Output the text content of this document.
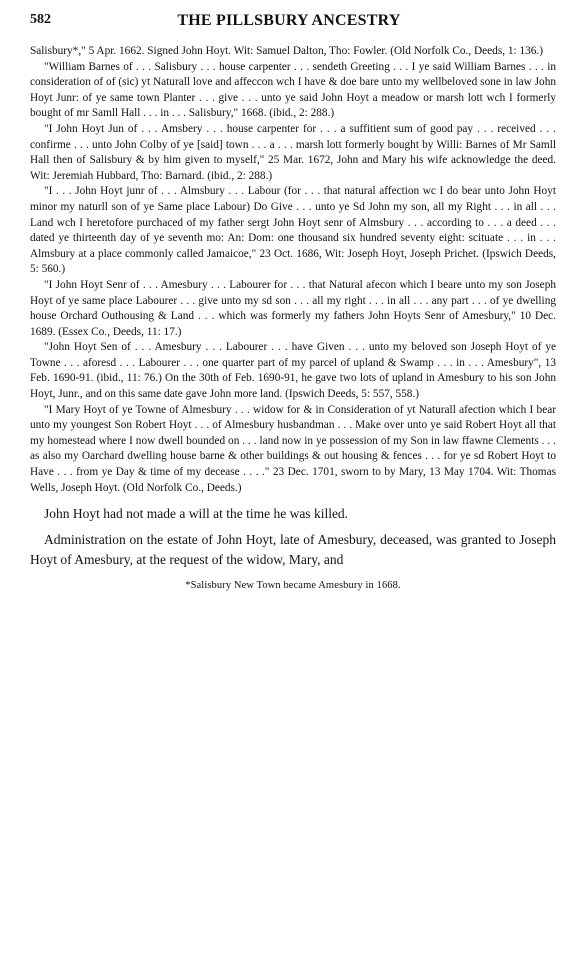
582	THE PILLSBURY ANCESTRY

Salisbury*," 5 Apr. 1662. Signed John Hoyt. Wit: Samuel Dalton, Tho: Fowler. (Old Norfolk Co., Deeds, 1: 136.)

"William Barnes of . . . Salisbury . . . house carpenter . . . sendeth Greeting . . . I ye said William Barnes . . . in consideration of of (sic) yt Naturall love and affeccon wch I have & doe bare unto my wellbeloved sone in law John Hoyt Junr: of ye same town Planter . . . give . . . unto ye said John Hoyt a meadow or marsh lott wch I formerly bought of mr Samll Hall . . . in . . . Salisbury," 1668. (ibid., 2: 288.)

"I John Hoyt Jun of . . . Amsbery . . . house carpenter for . . . a suffitient sum of good pay . . . received . . . confirme . . . unto John Colby of ye [said] town . . . a . . . marsh lott formerly bought by Willi: Barnes of Mr Samll Hall then of Salisbury & by him given to myself," 25 Mar. 1672, John and Mary his wife acknowledge the deed. Wit: Jeremiah Hubbard, Tho: Barnard. (ibid., 2: 288.)

"I . . . John Hoyt junr of . . . Almsbury . . . Labour (for . . . that natural affection wc I do bear unto John Hoyt minor my naturll son of ye Same place Labour) Do Give . . . unto ye Sd John my son, all my Right . . . in all . . . Land wch I heretofore purchaced of my father sergt John Hoyt senr of Almsbury . . . according to . . . a deed . . . dated ye thirteenth day of ye seventh mo: An: Dom: one thousand six hundred seventy eight: scituate . . . in . . . Almsbury at a place commonly called Jamaicoe," 23 Oct. 1686, Wit: Joseph Hoyt, Joseph Prichet. (Ipswich Deeds, 5: 560.)

"I John Hoyt Senr of . . . Amesbury . . . Labourer for . . . that Natural afecon which I beare unto my son Joseph Hoyt of ye same place Labourer . . . give unto my sd son . . . all my right . . . in all . . . any part . . . of ye dwelling house Orchard Outhousing & Land . . . which was formerly my fathers John Hoyts Senr of Amesbury," 10 Dec. 1689. (Essex Co., Deeds, 11: 17.)

"John Hoyt Sen of . . . Amesbury . . . Labourer . . . have Given . . . unto my beloved son Joseph Hoyt of ye Towne . . . aforesd . . . Labourer . . . one quarter part of my parcel of upland & Swamp . . . in . . . Amesbury", 13 Feb. 1690-91. (ibid., 11: 76.) On the 30th of Feb. 1690-91, he gave two lots of upland in Amesbury to his son John Hoyt, Junr., and on this same date gave John more land. (Ipswich Deeds, 5: 557, 558.)

"I Mary Hoyt of ye Towne of Almesbury . . . widow for & in Consideration of yt Naturall afection which I bear unto my youngest Son Robert Hoyt . . . of Almesbury husbandman . . . Make over unto ye said Robert Hoyt all that my homestead where I now dwell bounded on . . . land now in ye possession of my Son in law ffawne Clements . . . as also my Oarchard dwelling house barne & other buildings & out housing & fences . . . for ye sd Robert Hoyt to Have . . . from ye Day & time of my decease . . . ." 23 Dec. 1701, sworn to by Mary, 13 May 1704. Wit: Thomas Wells, Joseph Hoyt. (Old Norfolk Co., Deeds.)

John Hoyt had not made a will at the time he was killed.

Administration on the estate of John Hoyt, late of Amesbury, deceased, was granted to Joseph Hoyt of Amesbury, at the request of the widow, Mary, and

*Salisbury New Town became Amesbury in 1668.
